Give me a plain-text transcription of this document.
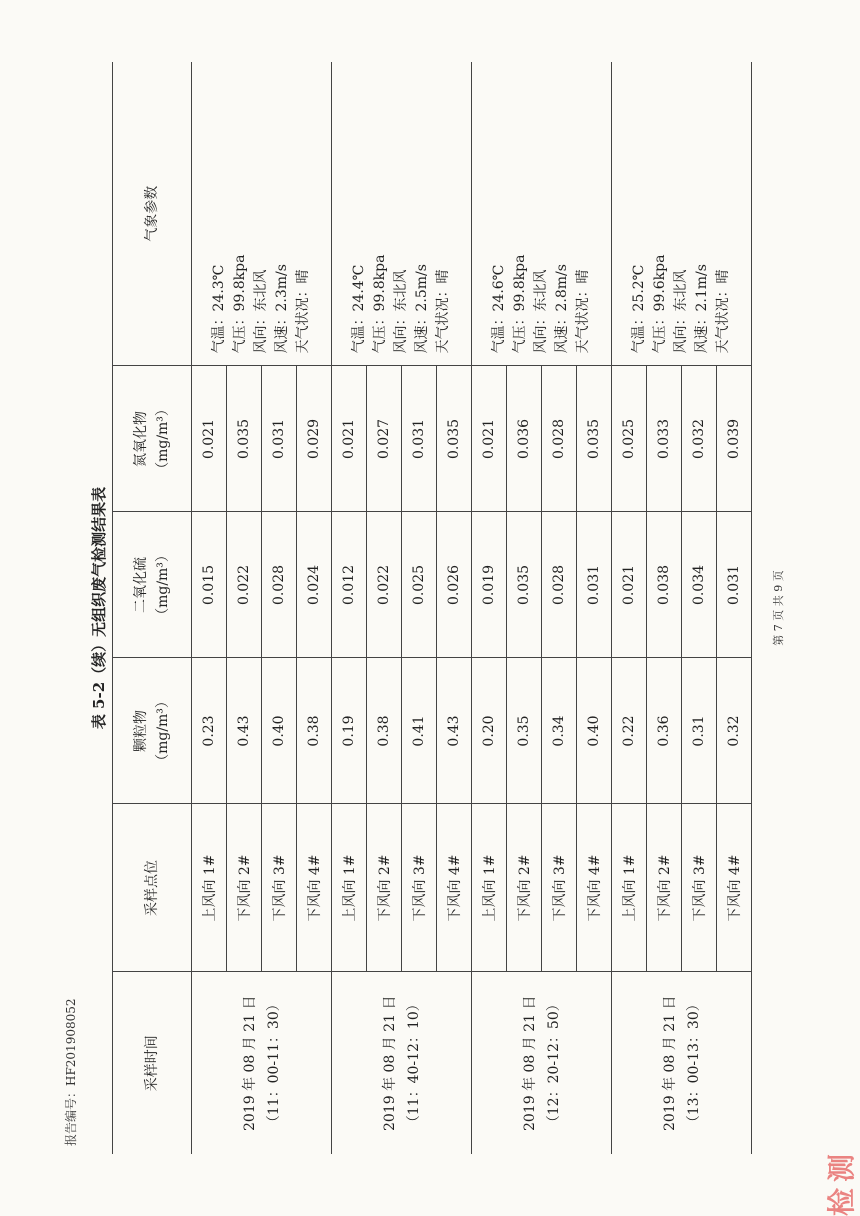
报告编号：HF201908052
表 5-2（续）无组织废气检测结果表
采样时间	采样点位	颗粒物 （mg/m³）	二氧化硫 （mg/m³）	氮氧化物 （mg/m³）	气象参数
2019 年 08 月 21 日 （11：00-11：30）	上风向 1#	0.23	0.015	0.021	气温：24.3℃ 气压：99.8kpa 风向：东北风 风速：2.3m/s 天气状况：晴

	下风向 2#	0.43	0.022	0.035	
	下风向 3#	0.40	0.028	0.031	
	下风向 4#	0.38	0.024	0.029	
2019 年 08 月 21 日 （11：40-12：10）	上风向 1#	0.19	0.012	0.021	气温：24.4℃ 气压：99.8kpa 风向：东北风 风速：2.5m/s 天气状况：晴

	下风向 2#	0.38	0.022	0.027	
	下风向 3#	0.41	0.025	0.031	
	下风向 4#	0.43	0.026	0.035	
2019 年 08 月 21 日 （12：20-12：50）	上风向 1#	0.20	0.019	0.021	气温：24.6℃ 气压：99.8kpa 风向：东北风 风速：2.8m/s 天气状况：晴

	下风向 2#	0.35	0.035	0.036	
	下风向 3#	0.34	0.028	0.028	
	下风向 4#	0.40	0.031	0.035	
2019 年 08 月 21 日 （13：00-13：30）	上风向 1#	0.22	0.021	0.025	气温：25.2℃ 气压：99.6kpa 风向：东北风 风速：2.1m/s 天气状况：晴

	下风向 2#	0.36	0.038	0.033	
	下风向 3#	0.31	0.034	0.032	
	下风向 4#	0.32	0.031	0.039	
第 7 页 共 9 页
检测
